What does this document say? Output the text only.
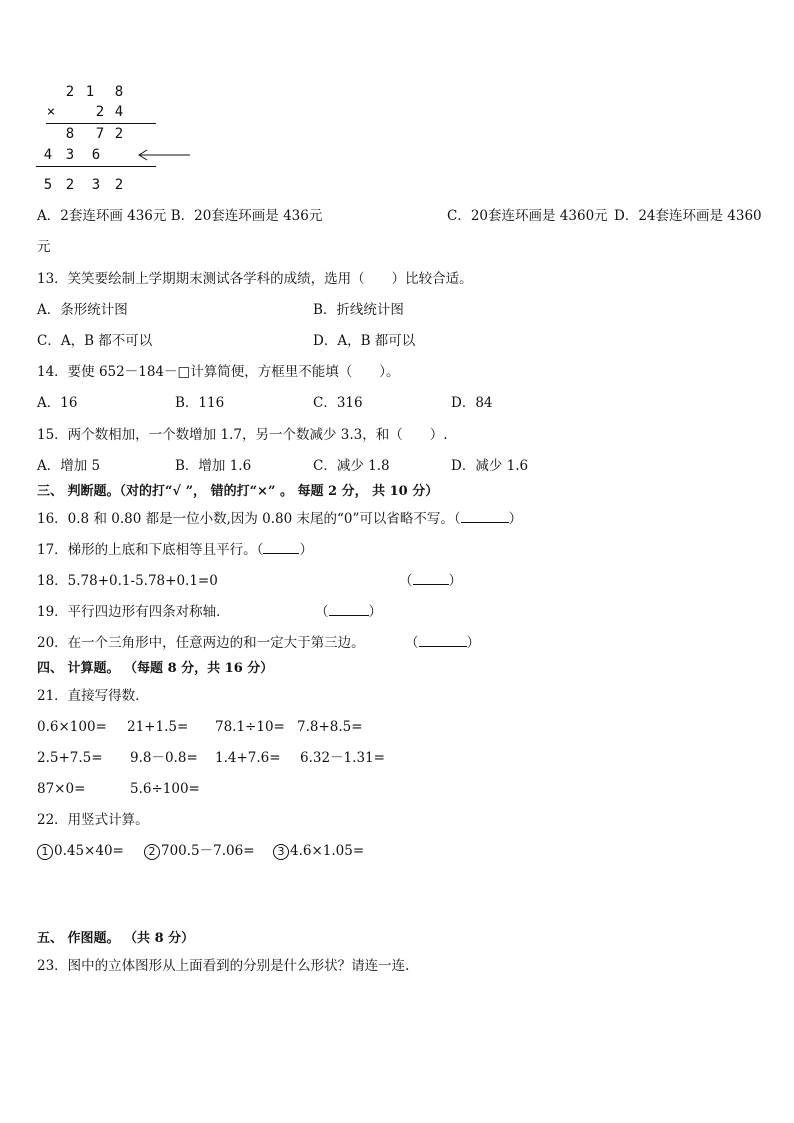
2 1 8
×	2 4
8 7 2
4 3 6
5 2 3 2
A．2套连环画 436元 B．20套连环画是 436元	C．20套连环画是 4360元 D．24套连环画是 4360
元
13．笑笑要绘制上学期期末测试各学科的成绩，选用（　　）比较合适。
A．条形统计图	B．折线统计图
C．A，B 都不可以	D．A，B 都可以
14．要使 652－184－□计算简便，方框里不能填（　　）。
A．16	B．116	C．316	D．84
15．两个数相加，一个数增加 1.7，另一个数减少 3.3，和（　　）.
A．增加 5	B．增加 1.6	C．减少 1.8	D．减少 1.6
三、 判断题。（对的打“√ ”， 错的打“×” 。 每题 2 分， 共 10 分）
16．0.8 和 0.80 都是一位小数,因为 0.80 末尾的“0”可以省略不写。（	）
17．梯形的上底和下底相等且平行。（	）
18．5.78+0.1-5.78+0.1=0	（	）
19．平行四边形有四条对称轴．	（	）
20．在一个三角形中，任意两边的和一定大于第三边。	（	）
四、 计算题。 （每题 8 分，共 16 分）
21．直接写得数．
0.6×100= 21+1.5= 78.1÷10= 7.8+8.5=
2.5+7.5= 9.8－0.8= 1.4+7.6= 6.32－1.31=
87×0=	5.6÷100=
22．用竖式计算。
1 0.45×40=	2 700.5－7.06=	3 4.6×1.05=
五、 作图题。 （共 8 分）
23．图中的立体图形从上面看到的分别是什么形状？请连一连.
